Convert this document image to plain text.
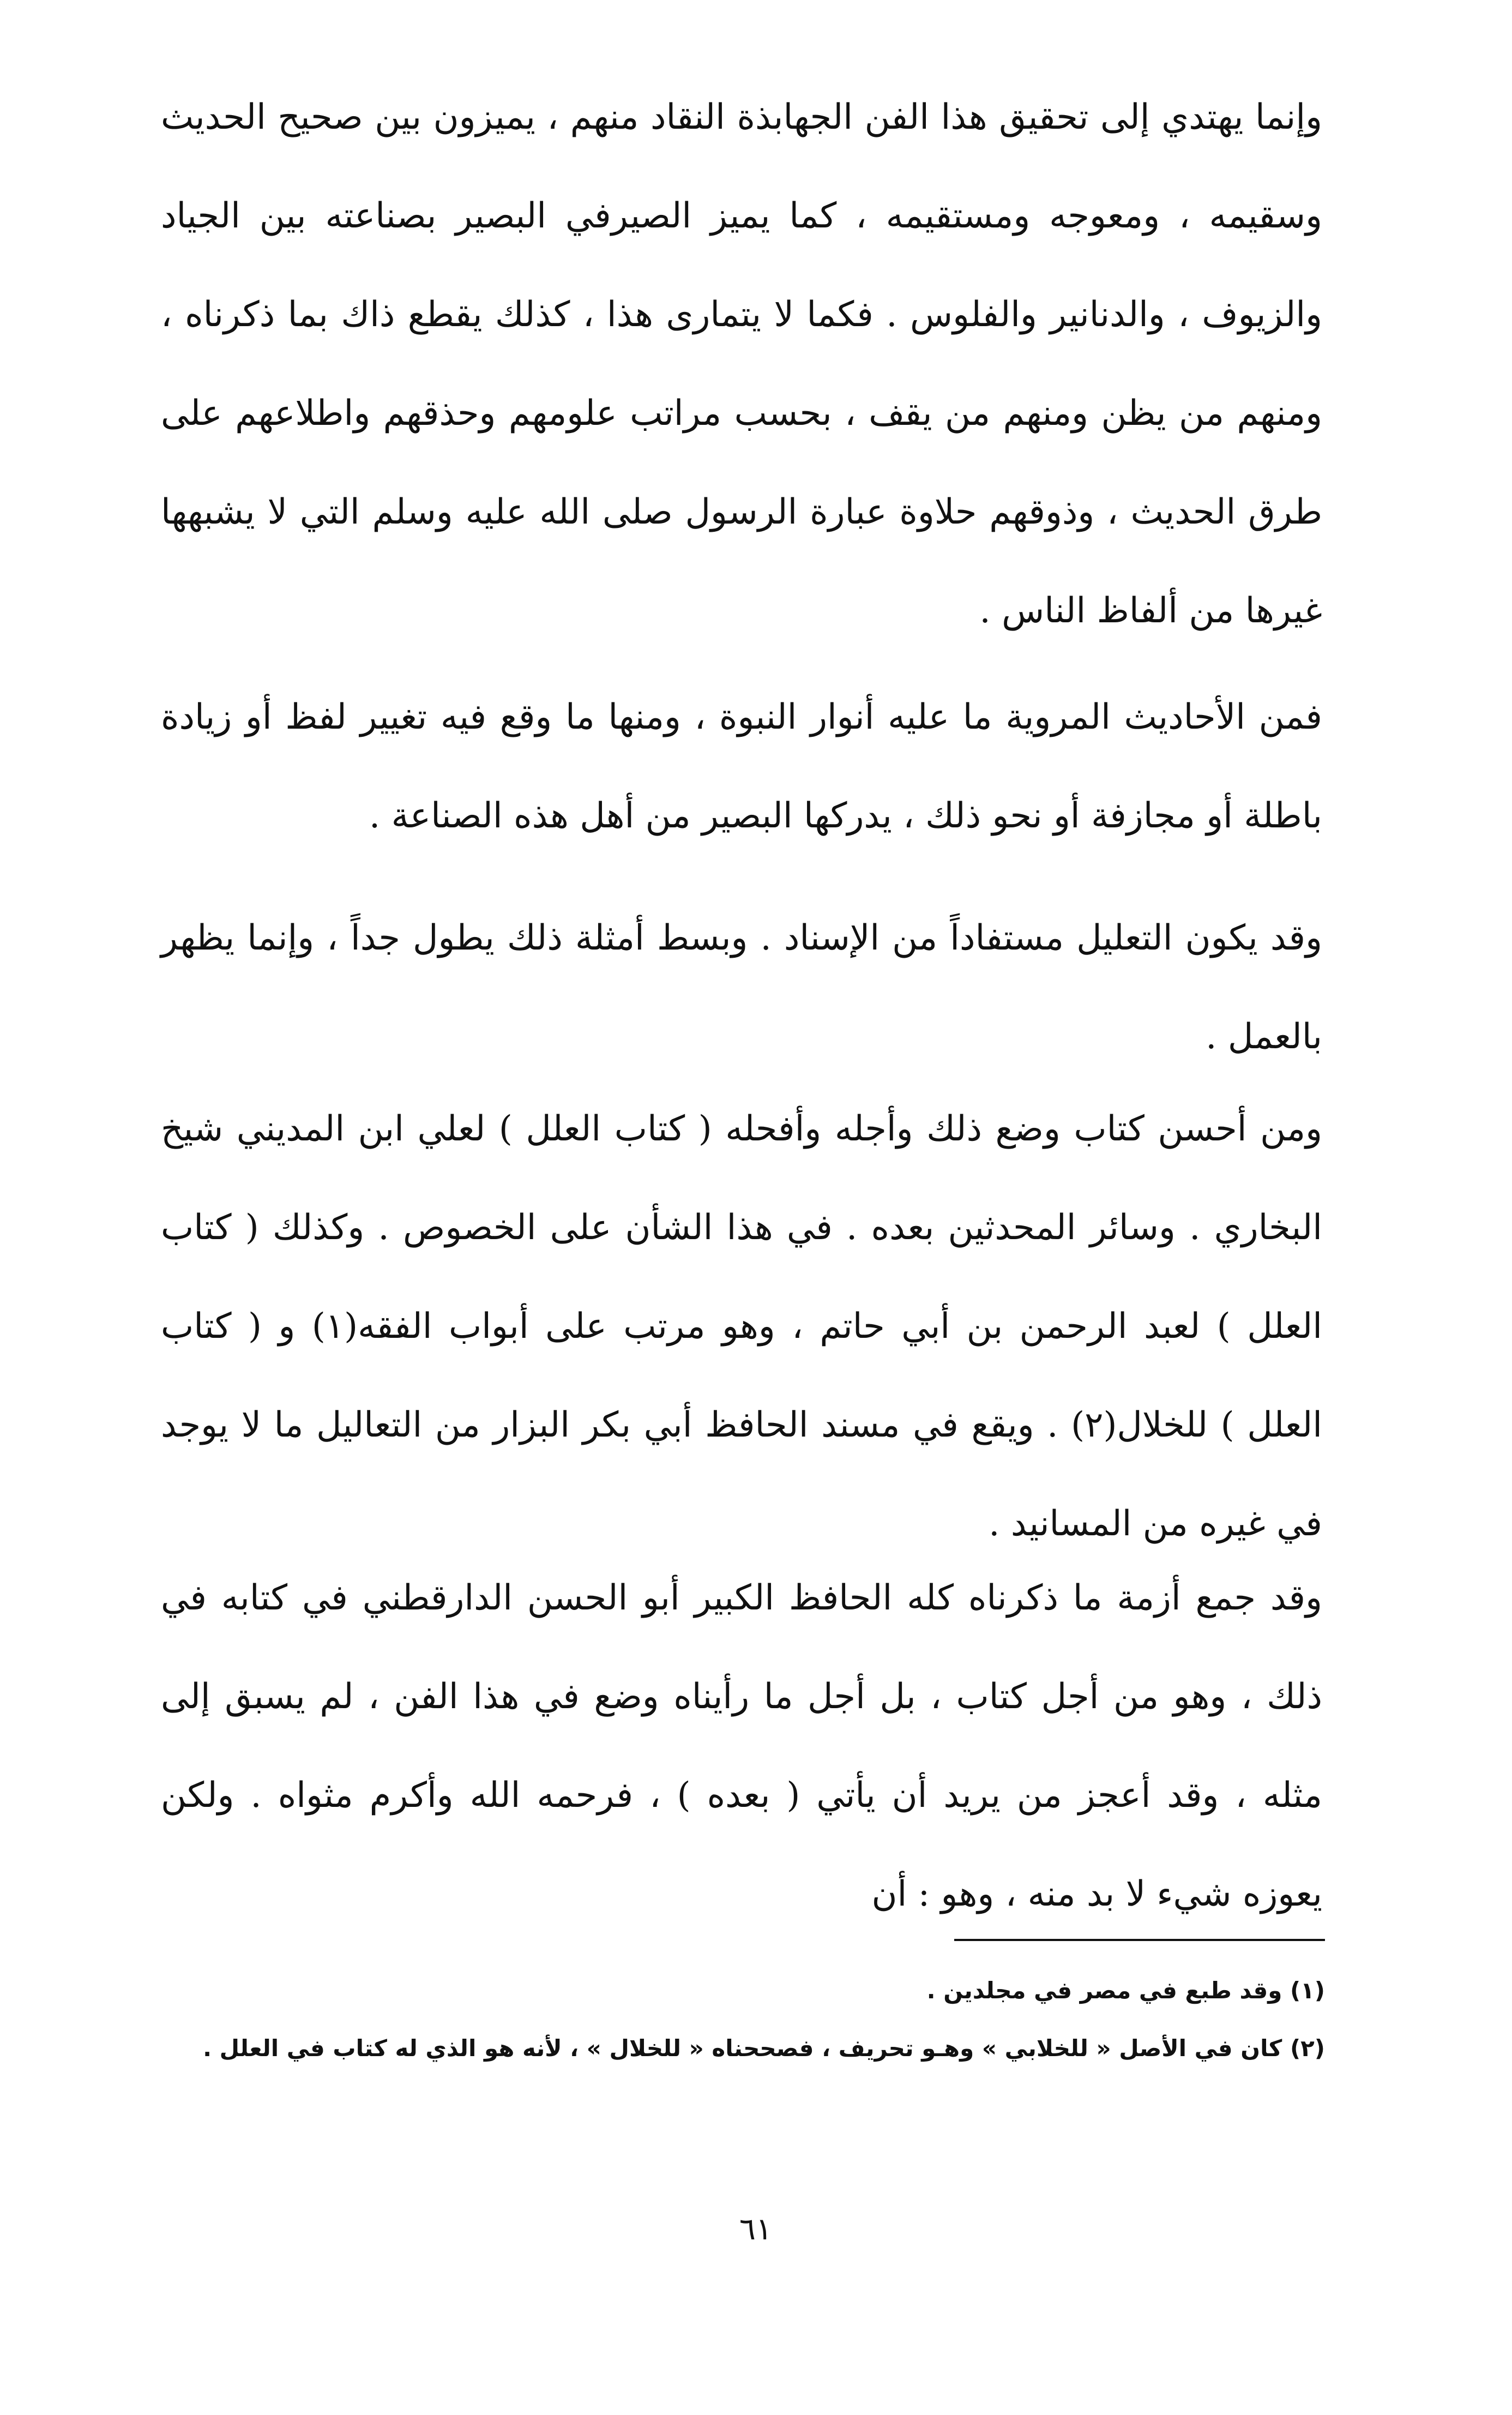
وإنما يهتدي إلى تحقيق هذا الفن الجهابذة النقاد منهم ، يميزون بين صحيح الحديث وسقيمه ، ومعوجه ومستقيمه ، كما يميز الصيرفي البصير بصناعته بين الجياد والزيوف ، والدنانير والفلوس . فكما لا يتمارى هذا ، كذلك يقطع ذاك بما ذكرناه ، ومنهم من يظن ومنهم من يقف ، بحسب مراتب علومهم وحذقهم واطلاعهم على طرق الحديث ، وذوقهم حلاوة عبارة الرسول صلى الله عليه وسلم التي لا يشبهها غيرها من ألفاظ الناس .

فمن الأحاديث المروية ما عليه أنوار النبوة ، ومنها ما وقع فيه تغيير لفظ أو زيادة باطلة أو مجازفة أو نحو ذلك ، يدركها البصير من أهل هذه الصناعة .

وقد يكون التعليل مستفاداً من الإسناد . وبسط أمثلة ذلك يطول جداً ، وإنما يظهر بالعمل .

ومن أحسن كتاب وضع ذلك وأجله وأفحله ( كتاب العلل ) لعلي ابن المديني شيخ البخاري . وسائر المحدثين بعده . في هذا الشأن على الخصوص . وكذلك ( كتاب العلل ) لعبد الرحمن بن أبي حاتم ، وهو مرتب على أبواب الفقه(١) و ( كتاب العلل ) للخلال(٢) . ويقع في مسند الحافظ أبي بكر البزار من التعاليل ما لا يوجد في غيره من المسانيد .

وقد جمع أزمة ما ذكرناه كله الحافظ الكبير أبو الحسن الدارقطني في كتابه في ذلك ، وهو من أجل كتاب ، بل أجل ما رأيناه وضع في هذا الفن ، لم يسبق إلى مثله ، وقد أعجز من يريد أن يأتي ( بعده ) ، فرحمه الله وأكرم مثواه . ولكن يعوزه شيء لا بد منه ، وهو : أن

(١) وقد طبع في مصر في مجلدين .

(٢) كان في الأصل « للخلابي » وهـو تحريف ، فصححناه « للخلال » ، لأنه هو الذي له كتاب في العلل .

٦١
